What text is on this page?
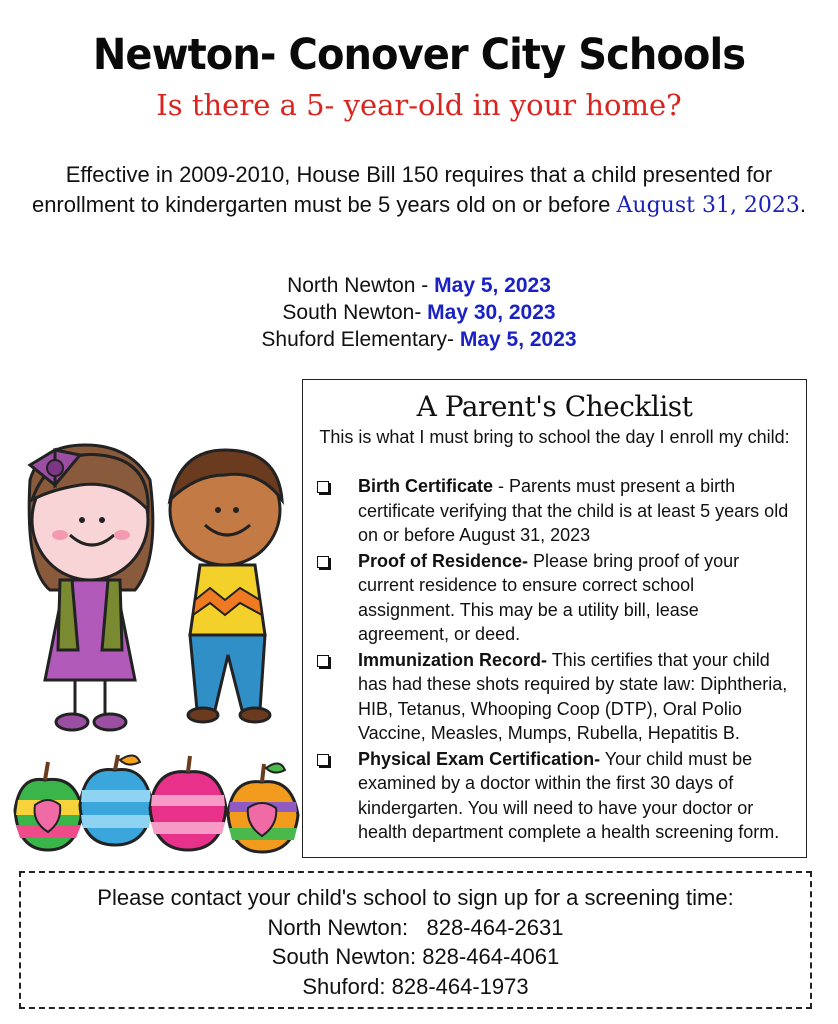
Newton- Conover City Schools
Is there a 5- year-old in your home?
Effective in 2009-2010, House Bill 150 requires that a child presented for enrollment to kindergarten must be 5 years old on or before August 31, 2023.
North Newton - May 5, 2023
South Newton- May 30, 2023
Shuford Elementary- May 5, 2023
A Parent's Checklist
This is what I must bring to school the day I enroll my child:
Birth Certificate - Parents must present a birth certificate verifying that the child is at least 5 years old on or before August 31, 2023
Proof of Residence- Please bring proof of your current residence to ensure correct school assignment. This may be a utility bill, lease agreement, or deed.
Immunization Record- This certifies that your child has had these shots required by state law: Diphtheria, HIB, Tetanus, Whooping Coop (DTP), Oral Polio Vaccine, Measles, Mumps, Rubella, Hepatitis B.
Physical Exam Certification- Your child must be examined by a doctor within the first 30 days of kindergarten. You will need to have your doctor or health department complete a health screening form.
Please contact your child's school to sign up for a screening time:
North Newton:   828-464-2631
South Newton: 828-464-4061
Shuford: 828-464-1973
